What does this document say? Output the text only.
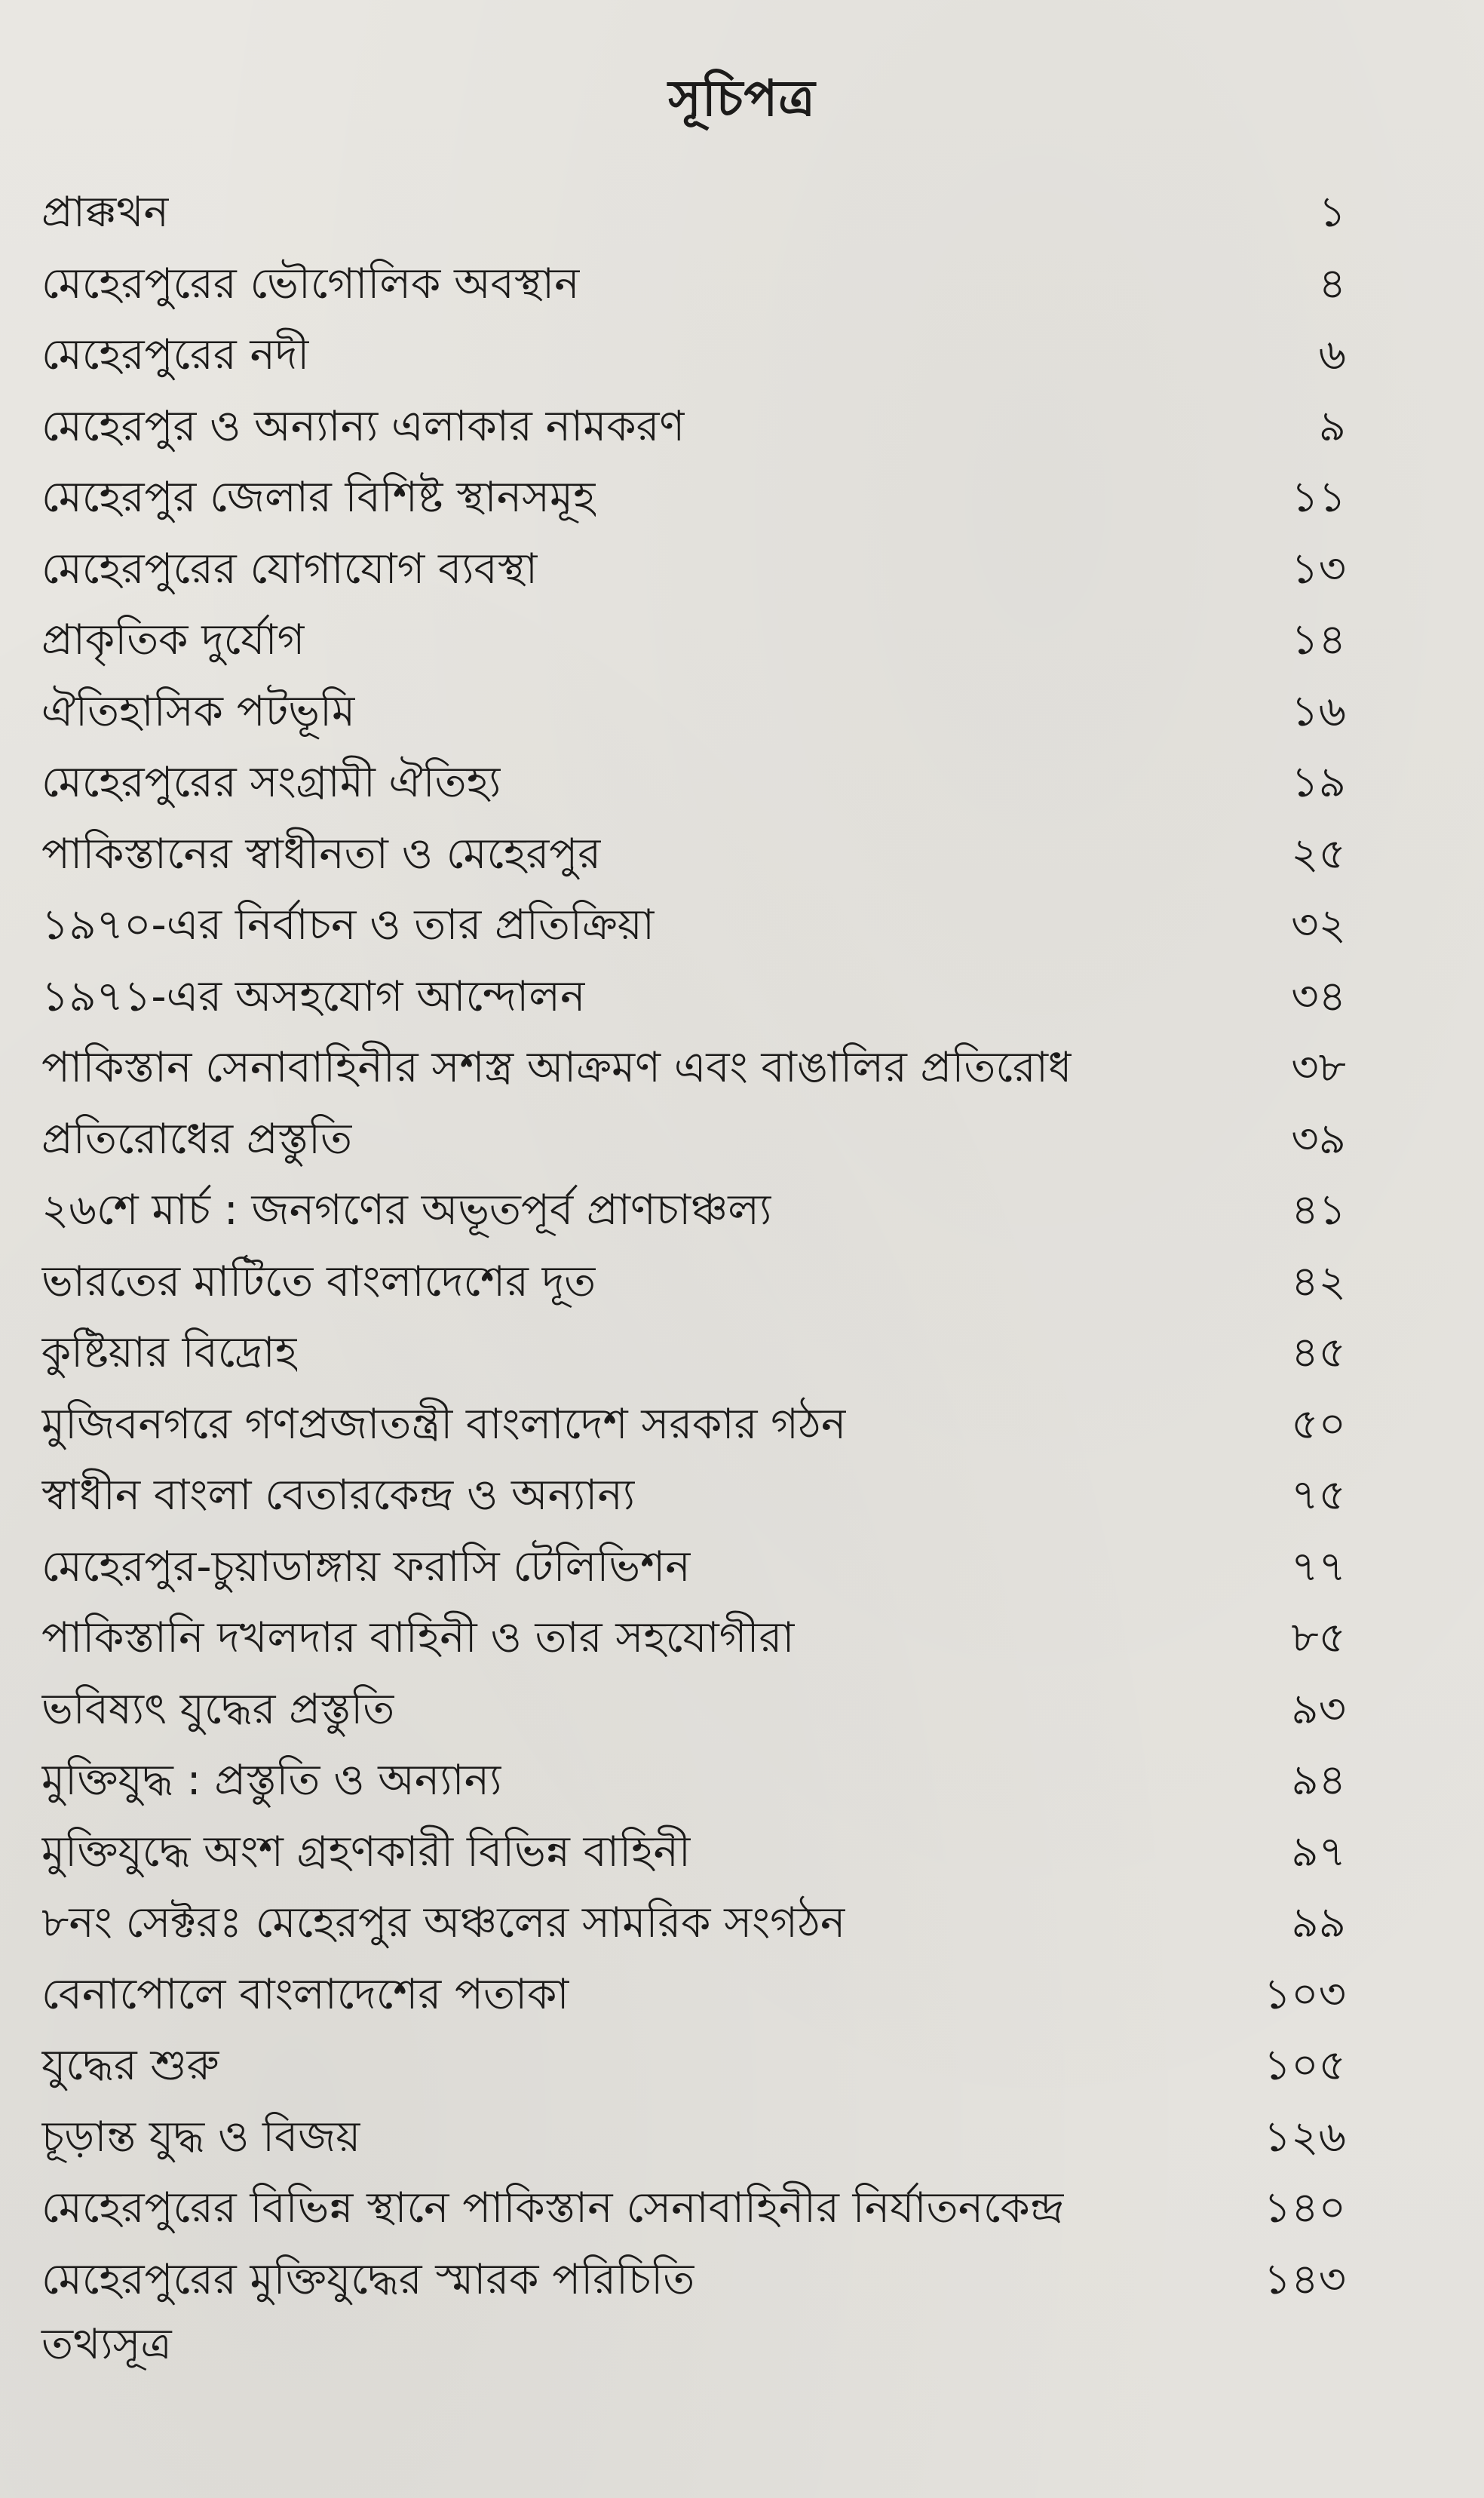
সূচিপত্র
প্রাক্কথন	১
মেহেরপুরের ভৌগোলিক অবস্থান	৪
মেহেরপুরের নদী	৬
মেহেরপুর ও অন্যান্য এলাকার নামকরণ	৯
মেহেরপুর জেলার বিশিষ্ট স্থানসমূহ	১১
মেহেরপুরের যোগাযোগ ব্যবস্থা	১৩
প্রাকৃতিক দুর্যোগ	১৪
ঐতিহাসিক পটভূমি	১৬
মেহেরপুরের সংগ্রামী ঐতিহ্য	১৯
পাকিস্তানের স্বাধীনতা ও মেহেরপুর	২৫
১৯৭০-এর নির্বাচন ও তার প্রতিক্রিয়া	৩২
১৯৭১-এর অসহযোগ আন্দোলন	৩৪
পাকিস্তান সেনাবাহিনীর সশস্ত্র আক্রমণ এবং বাঙালির প্রতিরোধ	৩৮
প্রতিরোধের প্রস্তুতি	৩৯
২৬শে মার্চ : জনগণের অভূতপূর্ব প্রাণচাঞ্চল্য	৪১
ভারতের মাটিতে বাংলাদেশের দূত	৪২
কুষ্টিয়ার বিদ্রোহ	৪৫
মুজিবনগরে গণপ্রজাতন্ত্রী বাংলাদেশ সরকার গঠন	৫০
স্বাধীন বাংলা বেতারকেন্দ্র ও অন্যান্য	৭৫
মেহেরপুর-চুয়াডাঙ্গায় ফরাসি টেলিভিশন	৭৭
পাকিস্তানি দখলদার বাহিনী ও তার সহযোগীরা	৮৫
ভবিষ্যৎ যুদ্ধের প্রস্তুতি	৯৩
মুক্তিযুদ্ধ : প্রস্তুতি ও অন্যান্য	৯৪
মুক্তিযুদ্ধে অংশ গ্রহণকারী বিভিন্ন বাহিনী	৯৭
৮নং সেক্টরঃ মেহেরপুর অঞ্চলের সামরিক সংগঠন	৯৯
বেনাপোলে বাংলাদেশের পতাকা	১০৩
যুদ্ধের শুরু	১০৫
চূড়ান্ত যুদ্ধ ও বিজয়	১২৬
মেহেরপুরের বিভিন্ন স্থানে পাকিস্তান সেনাবাহিনীর নির্যাতনকেন্দ্র	১৪০
মেহেরপুরের মুক্তিযুদ্ধের স্মারক পরিচিতি	১৪৩
তথ্যসূত্র
